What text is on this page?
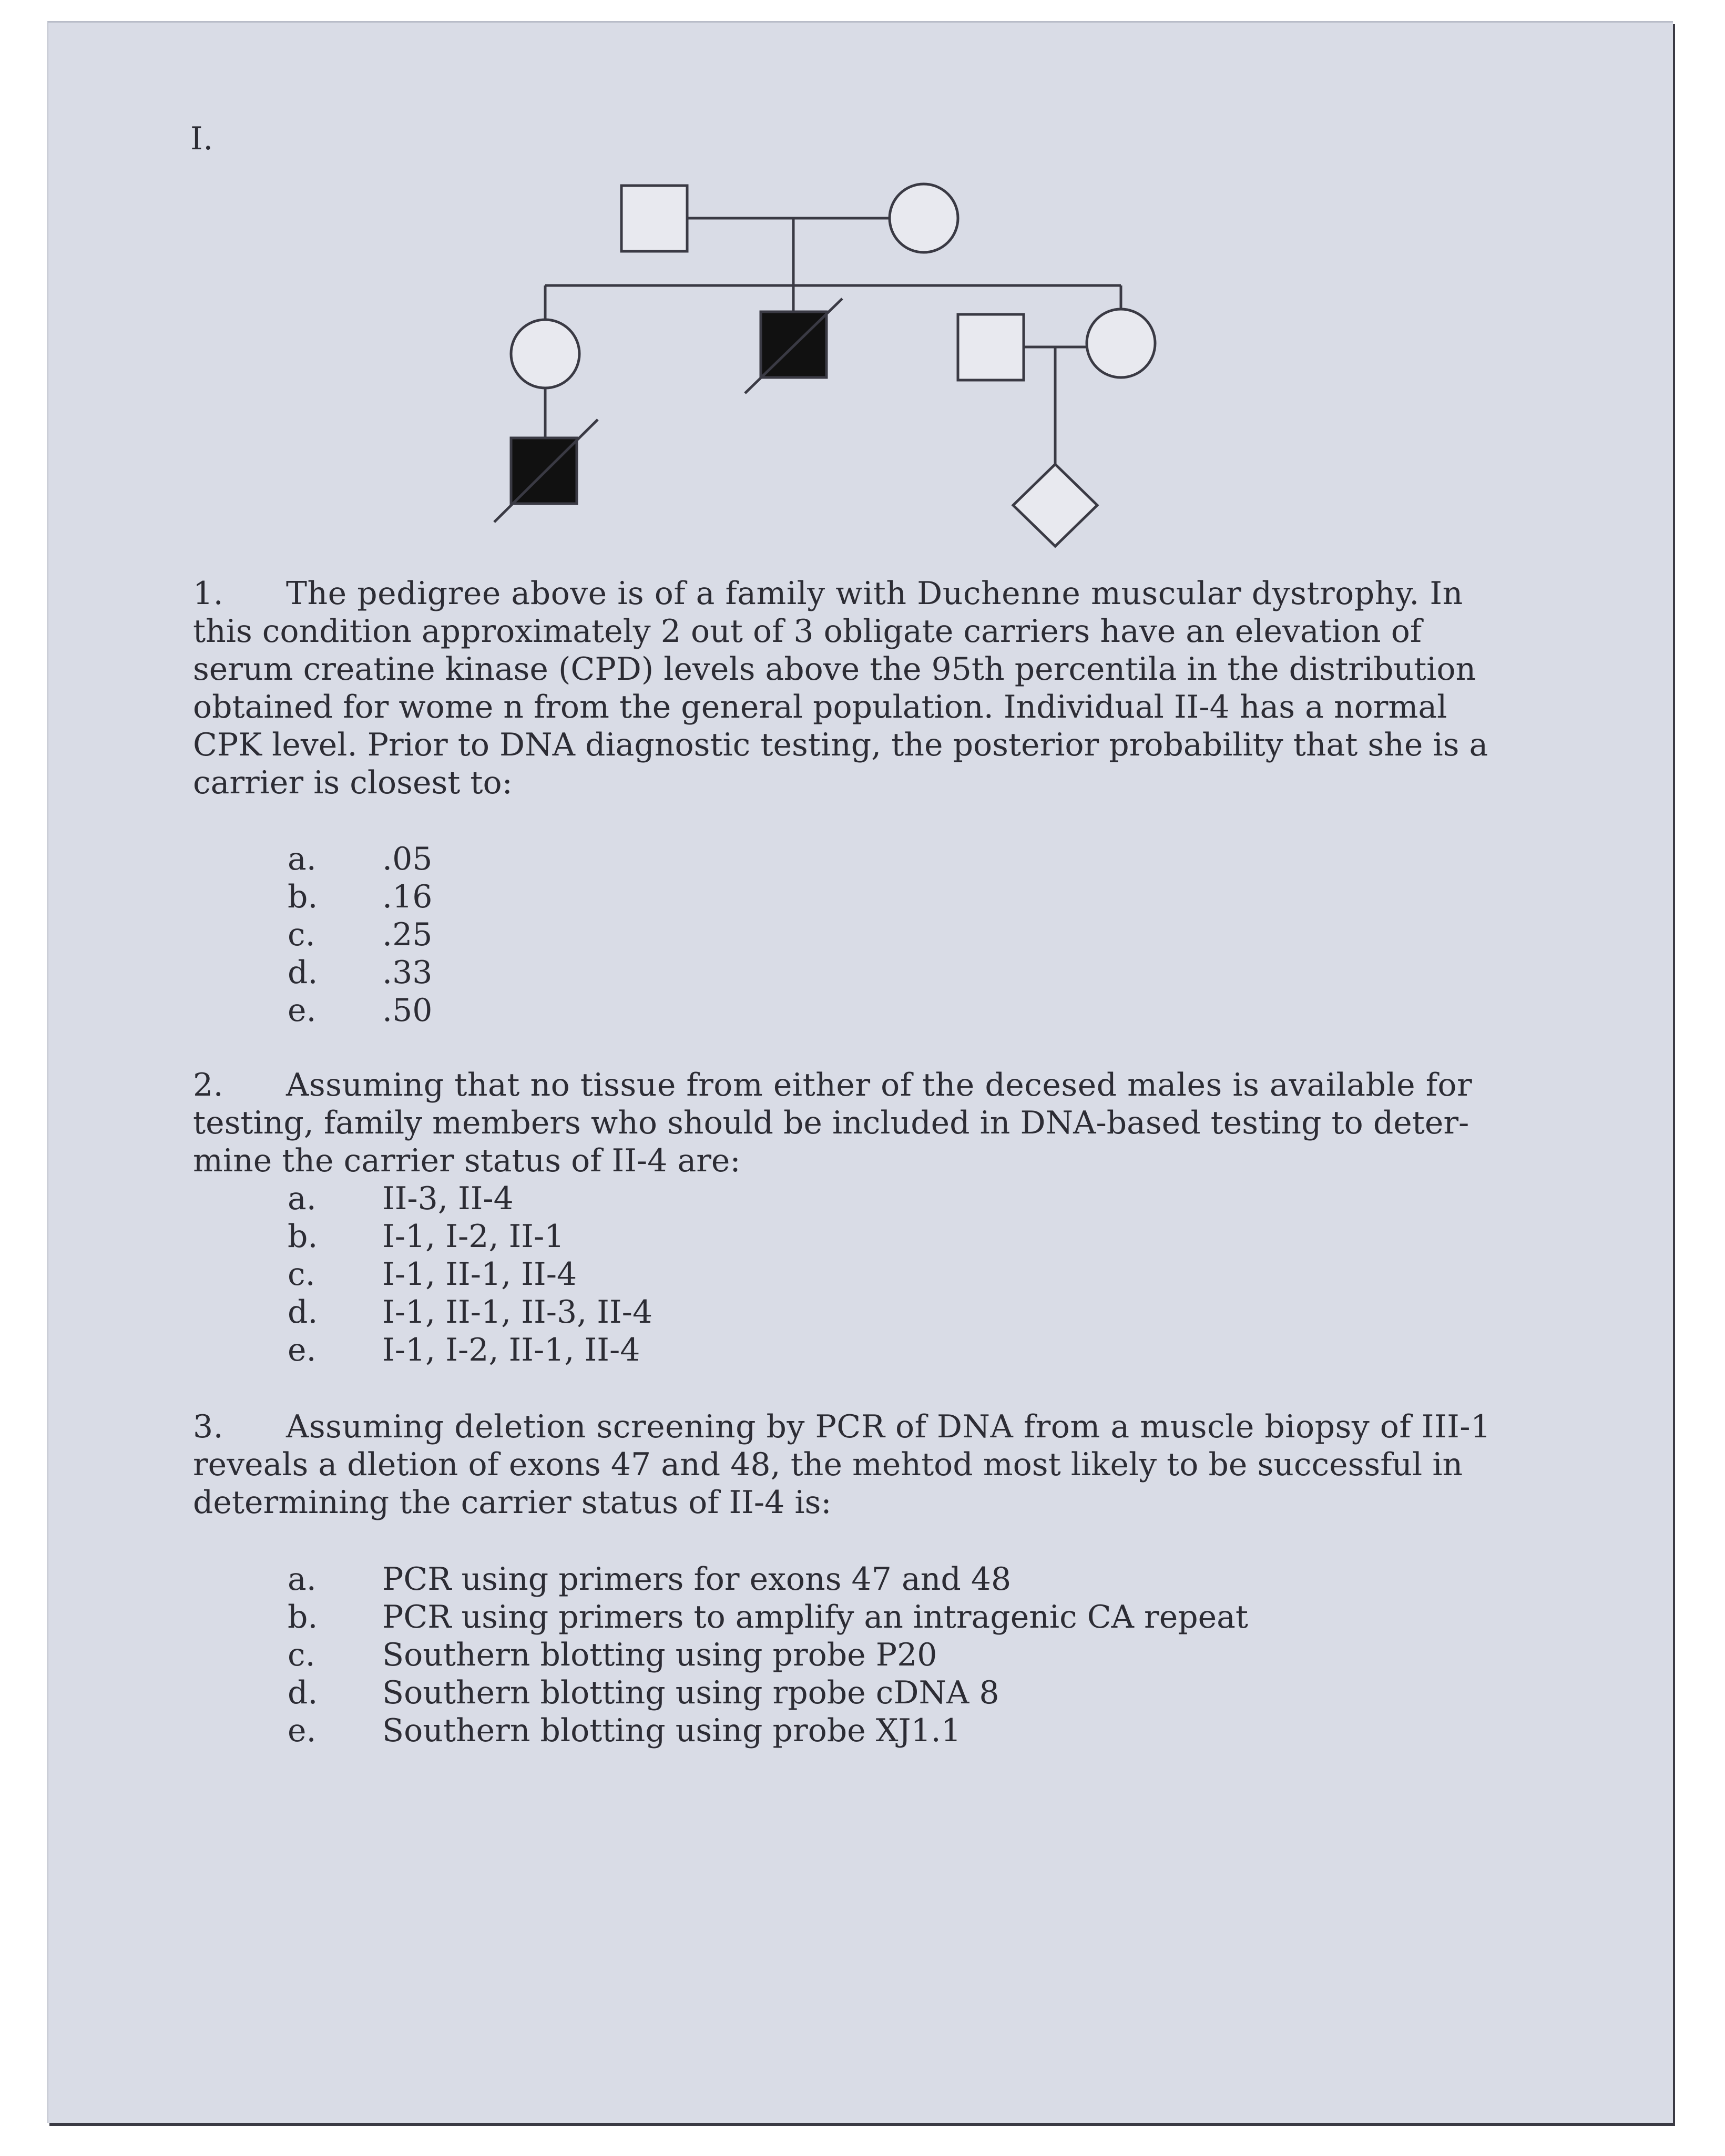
I.
1. The pedigree above is of a family with Duchenne muscular dystrophy. In
this condition approximately 2 out of 3 obligate carriers have an elevation of
serum creatine kinase (CPD) levels above the 95th percentila in the distribution
obtained for wome n from the general population. Individual II-4 has a normal
CPK level. Prior to DNA diagnostic testing, the posterior probability that she is a
carrier is closest to:
a. .05
b. .16
c. .25
d. .33
e. .50
2. Assuming that no tissue from either of the decesed males is available for
testing, family members who should be included in DNA-based testing to deter-
mine the carrier status of II-4 are:
a. II-3, II-4
b. I-1, I-2, II-1
c. I-1, II-1, II-4
d. I-1, II-1, II-3, II-4
e. I-1, I-2, II-1, II-4
3. Assuming deletion screening by PCR of DNA from a muscle biopsy of III-1
reveals a dletion of exons 47 and 48, the mehtod most likely to be successful in
determining the carrier status of II-4 is:
a. PCR using primers for exons 47 and 48
b. PCR using primers to amplify an intragenic CA repeat
c. Southern blotting using probe P20
d. Southern blotting using rpobe cDNA 8
e. Southern blotting using probe XJ1.1
